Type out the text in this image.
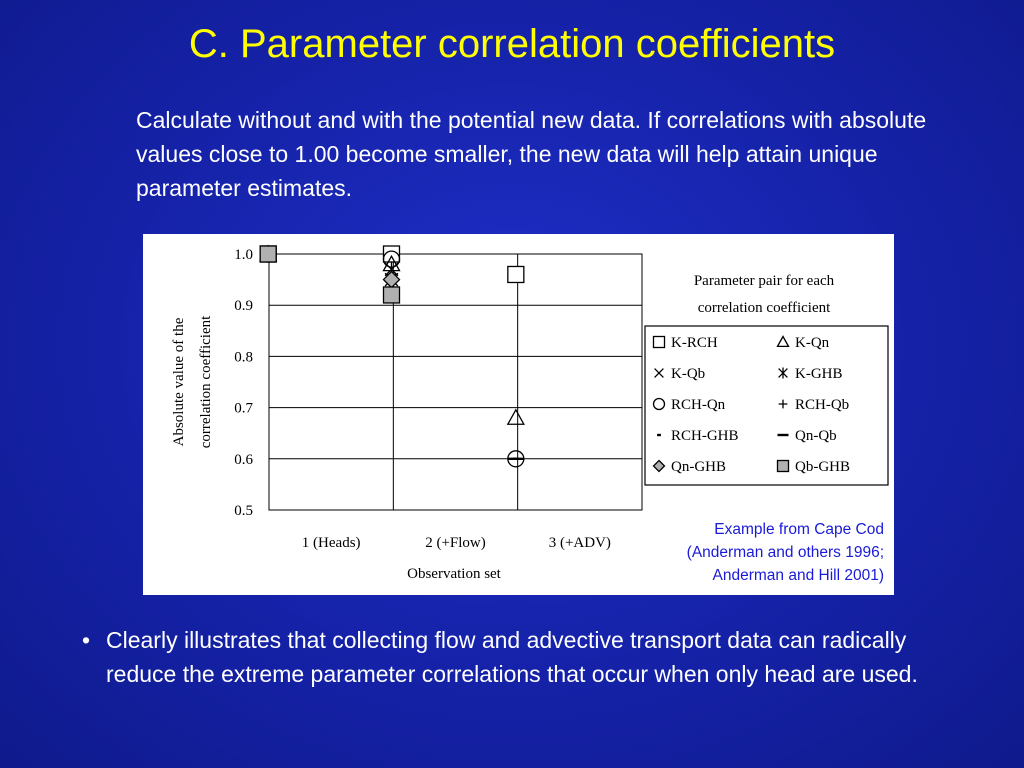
C. Parameter correlation coefficients
Calculate without and with the potential new data. If correlations with absolute values close to 1.00 become smaller, the new data will help attain unique parameter estimates.
1.0
0.9
0.8
0.7
0.6
0.5
1 (Heads)	2 (+Flow)	3 (+ADV)
Observation set
Absolute value of the correlation coefficient
Parameter pair for each
correlation coefficient
K-RCH	K-Qn
K-Qb	K-GHB
RCH-Qn	RCH-Qb
RCH-GHB	Qn-Qb
Qn-GHB	Qb-GHB
Example from Cape Cod
(Anderman and others 1996;
Anderman and Hill 2001)
• Clearly illustrates that collecting flow and advective transport data can radically reduce the extreme parameter correlations that occur when only head are used.
